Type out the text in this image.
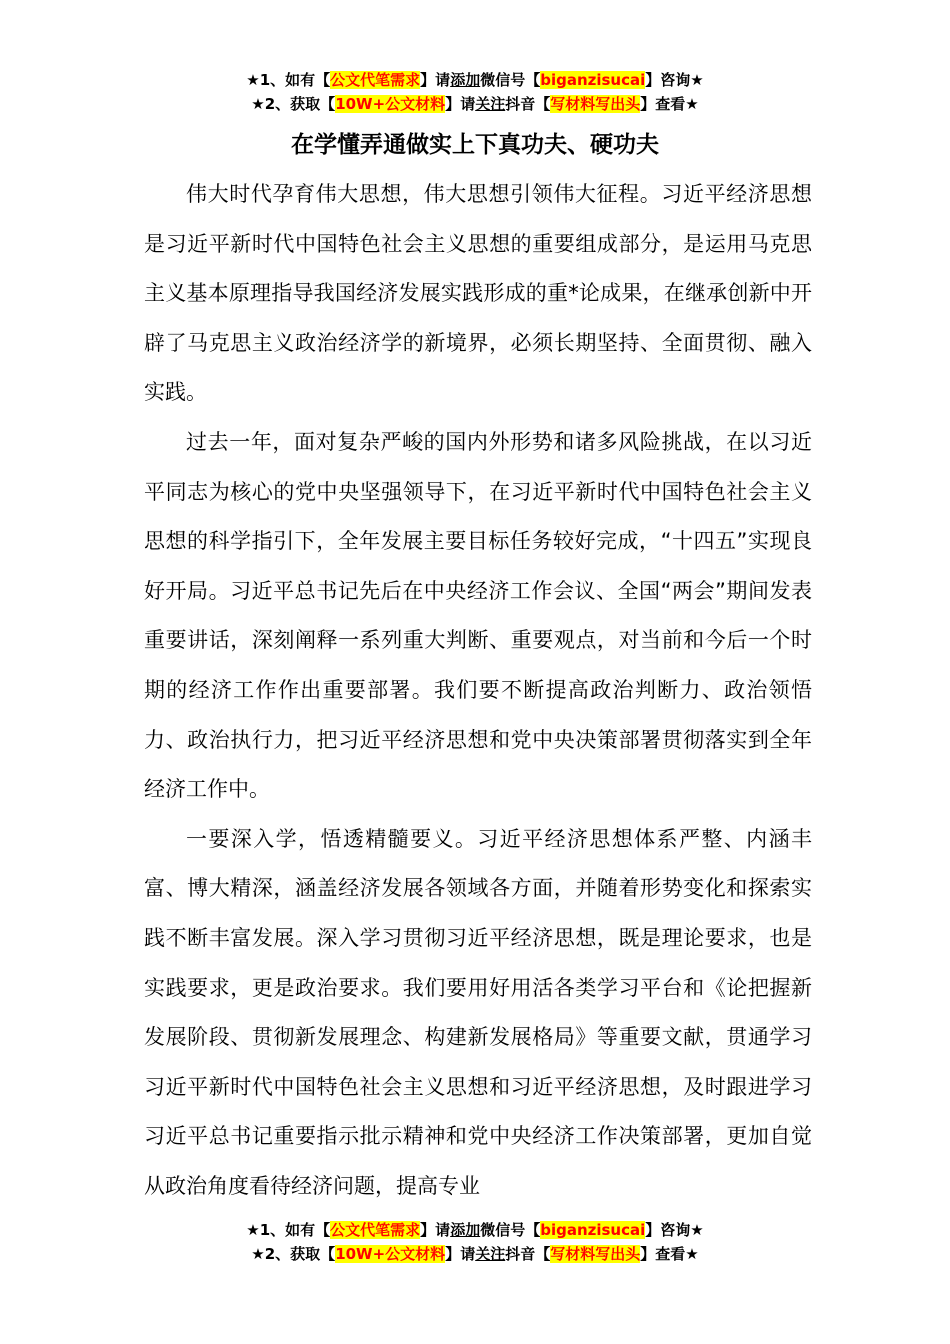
★1、如有【公文代笔需求】请添加微信号【biganzisucai】咨询★
★2、获取【10W+公文材料】请关注抖音【写材料写出头】查看★
在学懂弄通做实上下真功夫、硬功夫

伟大时代孕育伟大思想，伟大思想引领伟大征程。习近平经济思想是习近平新时代中国特色社会主义思想的重要组成部分，是运用马克思主义基本原理指导我国经济发展实践形成的重*论成果，在继承创新中开辟了马克思主义政治经济学的新境界，必须长期坚持、全面贯彻、融入实践。

过去一年，面对复杂严峻的国内外形势和诸多风险挑战，在以习近平同志为核心的党中央坚强领导下，在习近平新时代中国特色社会主义思想的科学指引下，全年发展主要目标任务较好完成，“十四五”实现良好开局。习近平总书记先后在中央经济工作会议、全国“两会”期间发表重要讲话，深刻阐释一系列重大判断、重要观点，对当前和今后一个时期的经济工作作出重要部署。我们要不断提高政治判断力、政治领悟力、政治执行力，把习近平经济思想和党中央决策部署贯彻落实到全年经济工作中。

一要深入学，悟透精髓要义。习近平经济思想体系严整、内涵丰富、博大精深，涵盖经济发展各领域各方面，并随着形势变化和探索实践不断丰富发展。深入学习贯彻习近平经济思想，既是理论要求，也是实践要求，更是政治要求。我们要用好用活各类学习平台和《论把握新发展阶段、贯彻新发展理念、构建新发展格局》等重要文献，贯通学习习近平新时代中国特色社会主义思想和习近平经济思想，及时跟进学习习近平总书记重要指示批示精神和党中央经济工作决策部署，更加自觉从政治角度看待经济问题，提高专业

★1、如有【公文代笔需求】请添加微信号【biganzisucai】咨询★
★2、获取【10W+公文材料】请关注抖音【写材料写出头】查看★
